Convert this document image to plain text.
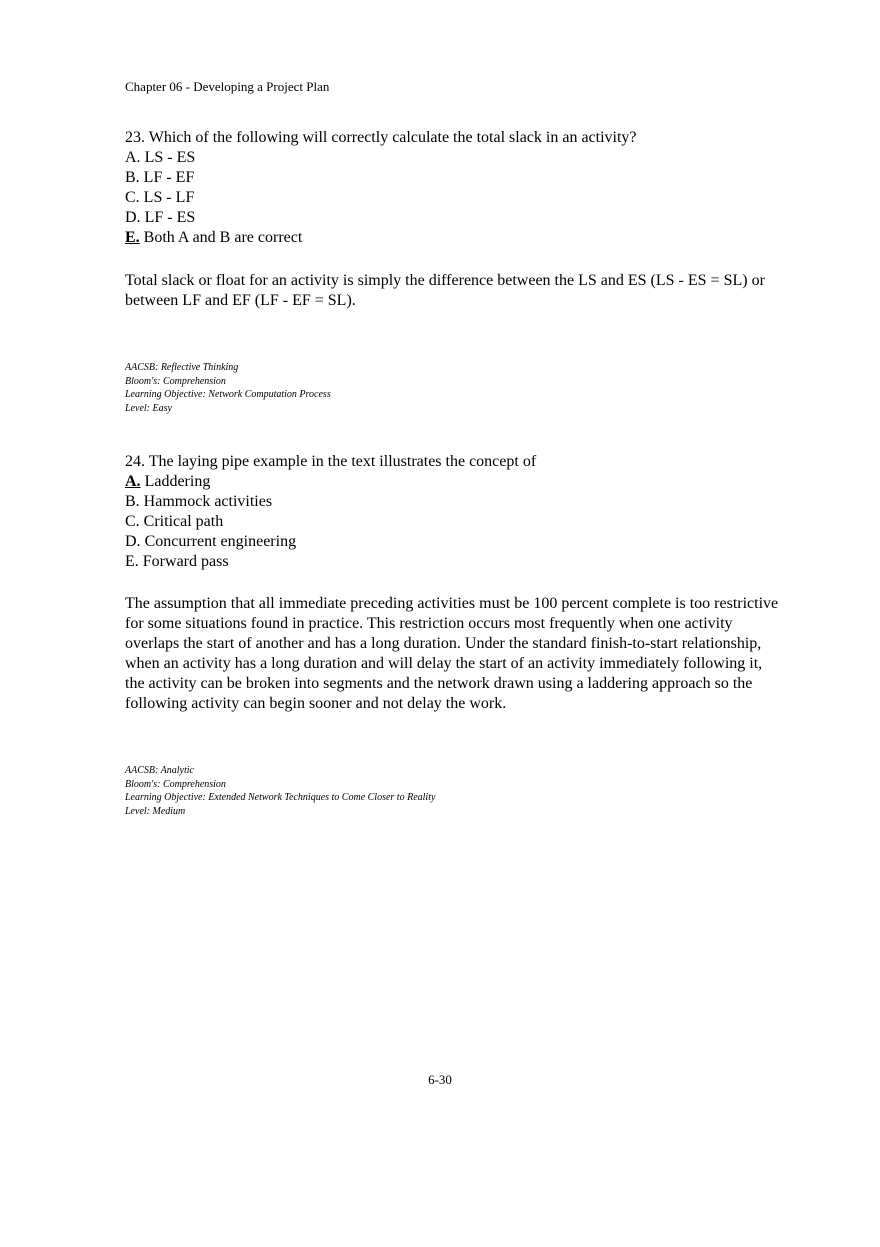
Chapter 06 - Developing a Project Plan
23. Which of the following will correctly calculate the total slack in an activity?
A. LS - ES
B. LF - EF
C. LS - LF
D. LF - ES
E. Both A and B are correct
Total slack or float for an activity is simply the difference between the LS and ES (LS - ES = SL) or between LF and EF (LF - EF = SL).
AACSB: Reflective Thinking
Bloom's: Comprehension
Learning Objective: Network Computation Process
Level: Easy
24. The laying pipe example in the text illustrates the concept of
A. Laddering
B. Hammock activities
C. Critical path
D. Concurrent engineering
E. Forward pass
The assumption that all immediate preceding activities must be 100 percent complete is too restrictive for some situations found in practice. This restriction occurs most frequently when one activity overlaps the start of another and has a long duration. Under the standard finish-to-start relationship, when an activity has a long duration and will delay the start of an activity immediately following it, the activity can be broken into segments and the network drawn using a laddering approach so the following activity can begin sooner and not delay the work.
AACSB: Analytic
Bloom's: Comprehension
Learning Objective: Extended Network Techniques to Come Closer to Reality
Level: Medium
6-30
